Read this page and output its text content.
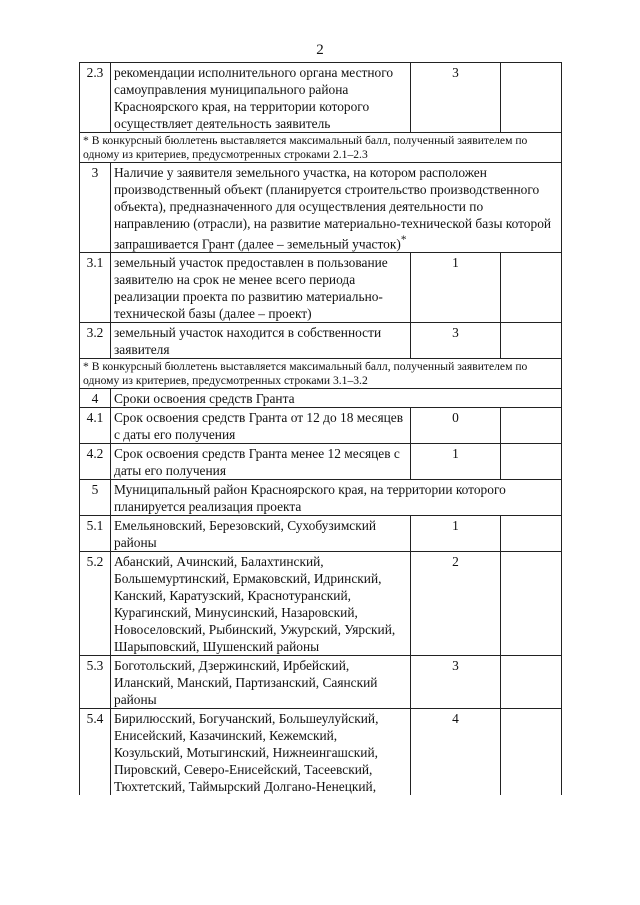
2
2.3	рекомендации исполнительного органа местного самоуправления муниципального района Красноярского края, на территории которого осуществляет деятельность заявитель	3	
* В конкурсный бюллетень выставляется максимальный балл, полученный заявителем по одному из критериев, предусмотренных строками 2.1–2.3			
3	Наличие у заявителя земельного участка, на котором расположен производственный объект (планируется строительство производственного объекта), предназначенного для осуществления деятельности по направлению (отрасли), на развитие материально-технической базы которой запрашивается Грант (далее – земельный участок)*
3.1	земельный участок предоставлен в пользование заявителю на срок не менее всего периода реализации проекта по развитию материально-технической базы (далее – проект)	1	
3.2	земельный участок находится в собственности заявителя	3	
* В конкурсный бюллетень выставляется максимальный балл, полученный заявителем по одному из критериев, предусмотренных строками 3.1–3.2			
4	Сроки освоения средств Гранта		
4.1	Срок освоения средств Гранта от 12 до 18 месяцев с даты его получения	0	
4.2	Срок освоения средств Гранта менее 12 месяцев с даты его получения	1	
5	Муниципальный район Красноярского края, на территории которого планируется реализация проекта		
5.1	Емельяновский, Березовский, Сухобузимский районы	1	
5.2	Абанский, Ачинский, Балахтинский, Большемуртинский, Ермаковский, Идринский, Канский, Каратузский, Краснотуранский, Курагинский, Минусинский, Назаровский, Новоселовский, Рыбинский, Ужурский, Уярский, Шарыповский, Шушенский районы	2	
5.3	Боготольский, Дзержинский, Ирбейский, Иланский, Манский, Партизанский, Саянский районы	3	
5.4	Бирилюсский, Богучанский, Большеулуйский, Енисейский, Казачинский, Кежемский, Козульский, Мотыгинский, Нижнеингашский, Пировский, Северо-Енисейский, Тасеевский, Тюхтетский, Таймырский Долгано-Ненецкий,	4	
